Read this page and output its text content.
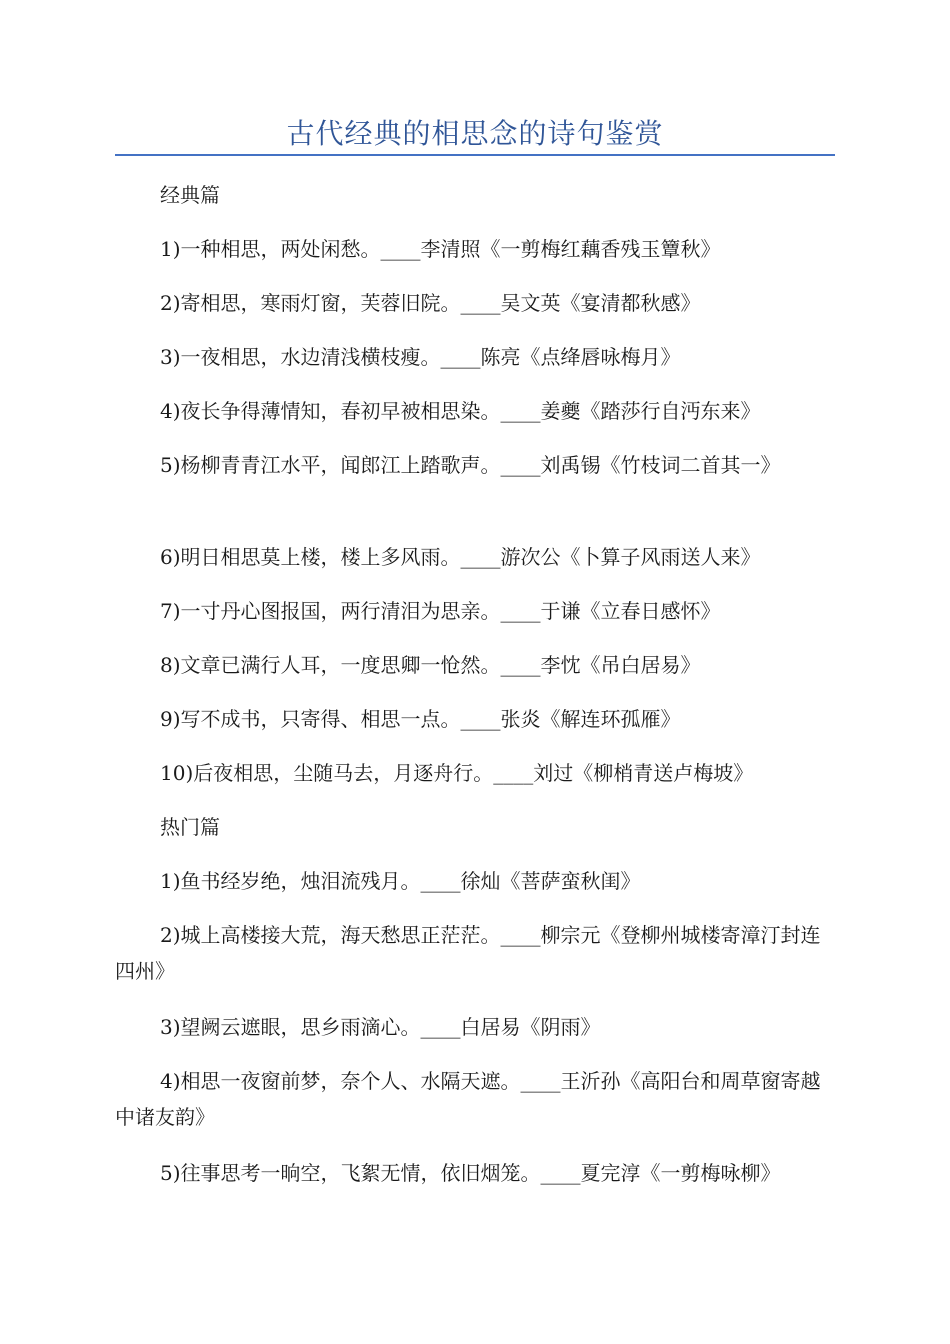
古代经典的相思念的诗句鉴赏
经典篇
1)一种相思，两处闲愁。____李清照《一剪梅红藕香残玉簟秋》
2)寄相思，寒雨灯窗，芙蓉旧院。____吴文英《宴清都秋感》
3)一夜相思，水边清浅横枝瘦。____陈亮《点绛唇咏梅月》
4)夜长争得薄情知，春初早被相思染。____姜夔《踏莎行自沔东来》
5)杨柳青青江水平，闻郎江上踏歌声。____刘禹锡《竹枝词二首其一》
6)明日相思莫上楼，楼上多风雨。____游次公《卜算子风雨送人来》
7)一寸丹心图报国，两行清泪为思亲。____于谦《立春日感怀》
8)文章已满行人耳，一度思卿一怆然。____李忱《吊白居易》
9)写不成书，只寄得、相思一点。____张炎《解连环孤雁》
10)后夜相思，尘随马去，月逐舟行。____刘过《柳梢青送卢梅坡》
热门篇
1)鱼书经岁绝，烛泪流残月。____徐灿《菩萨蛮秋闺》
2)城上高楼接大荒，海天愁思正茫茫。____柳宗元《登柳州城楼寄漳汀封连四州》
3)望阙云遮眼，思乡雨滴心。____白居易《阴雨》
4)相思一夜窗前梦，奈个人、水隔天遮。____王沂孙《高阳台和周草窗寄越中诸友韵》
5)往事思考一晌空，飞絮无情，依旧烟笼。____夏完淳《一剪梅咏柳》
